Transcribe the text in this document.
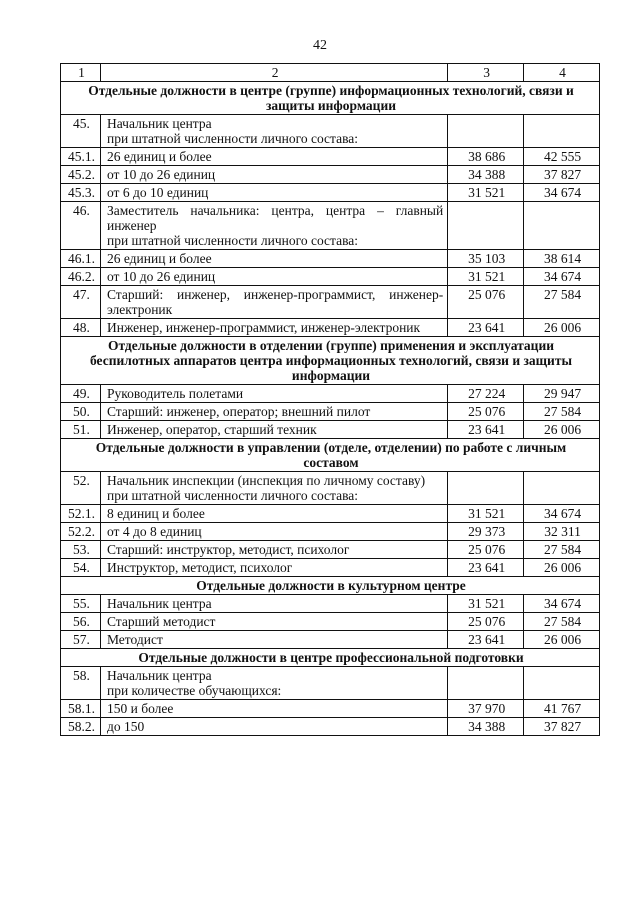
42
1	2	3	4
Отдельные должности в центре (группе) информационных технологий, связи и защиты информации			
45.	Начальник центра
при штатной численности личного состава:		
45.1.	26 единиц и более	38 686	42 555
45.2.	от 10 до 26 единиц	34 388	37 827
45.3.	от 6 до 10 единиц	31 521	34 674
46.	Заместитель начальника: центра, центра – главный инженер
при штатной численности личного состава:		
46.1.	26 единиц и более	35 103	38 614
46.2.	от 10 до 26 единиц	31 521	34 674
47.	Старший: инженер, инженер-программист, инженер-электроник	25 076	27 584
48.	Инженер, инженер-программист, инженер-электроник	23 641	26 006
Отдельные должности в отделении (группе) применения и эксплуатации беспилотных аппаратов центра информационных технологий, связи и защиты информации			
49.	Руководитель полетами	27 224	29 947
50.	Старший: инженер, оператор; внешний пилот	25 076	27 584
51.	Инженер, оператор, старший техник	23 641	26 006
Отдельные должности в управлении (отделе, отделении) по работе с личным составом			
52.	Начальник инспекции (инспекция по личному составу)
при штатной численности личного состава:		
52.1.	8 единиц и более	31 521	34 674
52.2.	от 4 до 8 единиц	29 373	32 311
53.	Старший: инструктор, методист, психолог	25 076	27 584
54.	Инструктор, методист, психолог	23 641	26 006
Отдельные должности в культурном центре			
55.	Начальник центра	31 521	34 674
56.	Старший методист	25 076	27 584
57.	Методист	23 641	26 006
Отдельные должности в центре профессиональной подготовки			
58.	Начальник центра
при количестве обучающихся:		
58.1.	150 и более	37 970	41 767
58.2.	до 150	34 388	37 827
